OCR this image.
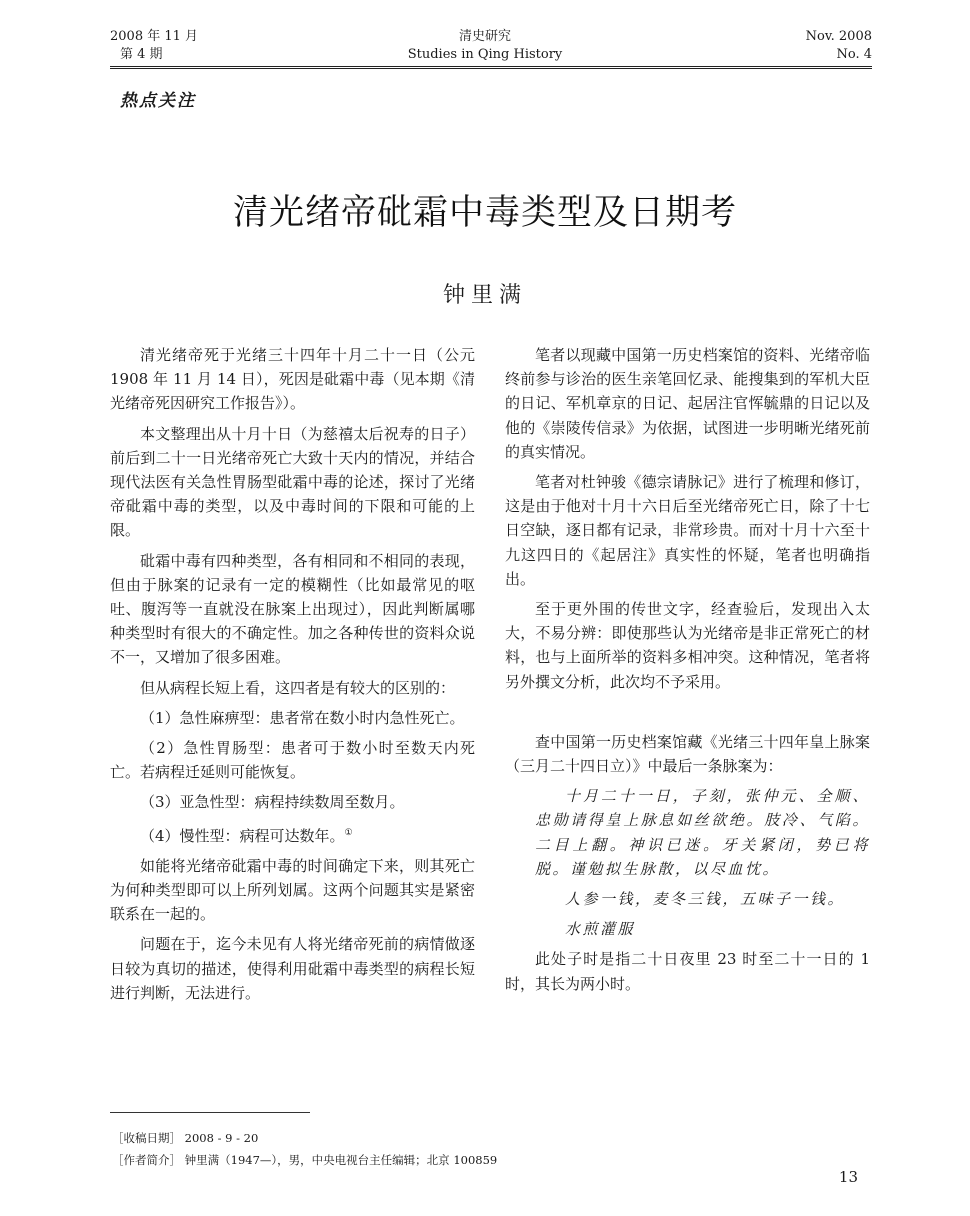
2008 年 11 月
第 4 期
清史研究
Studies in Qing History
Nov. 2008
No. 4
热点关注
清光绪帝砒霜中毒类型及日期考
钟里满

清光绪帝死于光绪三十四年十月二十一日（公元1908 年 11 月 14 日），死因是砒霜中毒（见本期《清光绪帝死因研究工作报告》）。

本文整理出从十月十日（为慈禧太后祝寿的日子）前后到二十一日光绪帝死亡大致十天内的情况，并结合现代法医有关急性胃肠型砒霜中毒的论述，探讨了光绪帝砒霜中毒的类型，以及中毒时间的下限和可能的上限。

砒霜中毒有四种类型，各有相同和不相同的表现，但由于脉案的记录有一定的模糊性（比如最常见的呕吐、腹泻等一直就没在脉案上出现过），因此判断属哪种类型时有很大的不确定性。加之各种传世的资料众说不一，又增加了很多困难。

但从病程长短上看，这四者是有较大的区别的：

（1）急性麻痹型：患者常在数小时内急性死亡。

（2）急性胃肠型：患者可于数小时至数天内死亡。若病程迁延则可能恢复。

（3）亚急性型：病程持续数周至数月。

（4）慢性型：病程可达数年。①

如能将光绪帝砒霜中毒的时间确定下来，则其死亡为何种类型即可以上所列划属。这两个问题其实是紧密联系在一起的。

问题在于，迄今未见有人将光绪帝死前的病情做逐日较为真切的描述，使得利用砒霜中毒类型的病程长短进行判断，无法进行。

笔者以现藏中国第一历史档案馆的资料、光绪帝临终前参与诊治的医生亲笔回忆录、能搜集到的军机大臣的日记、军机章京的日记、起居注官恽毓鼎的日记以及他的《崇陵传信录》为依据，试图进一步明晰光绪死前的真实情况。

笔者对杜钟骏《德宗请脉记》进行了梳理和修订，这是由于他对十月十六日后至光绪帝死亡日，除了十七日空缺，逐日都有记录，非常珍贵。而对十月十六至十九这四日的《起居注》真实性的怀疑，笔者也明确指出。

至于更外围的传世文字，经查验后，发现出入太大，不易分辨：即使那些认为光绪帝是非正常死亡的材料，也与上面所举的资料多相冲突。这种情况，笔者将另外撰文分析，此次均不予采用。

查中国第一历史档案馆藏《光绪三十四年皇上脉案（三月二十四日立）》中最后一条脉案为：

十月二十一日，子刻，张仲元、全顺、忠勋请得皇上脉息如丝欲绝。肢冷、气陷。二目上翻。神识已迷。牙关紧闭，势已将脱。谨勉拟生脉散，以尽血忱。

人参一钱，麦冬三钱，五味子一钱。

水煎灌服

此处子时是指二十日夜里 23 时至二十一日的 1 时，其长为两小时。

［收稿日期］ 2008 - 9 - 20
［作者简介］ 钟里满（1947—），男，中央电视台主任编辑；北京 100859
13
